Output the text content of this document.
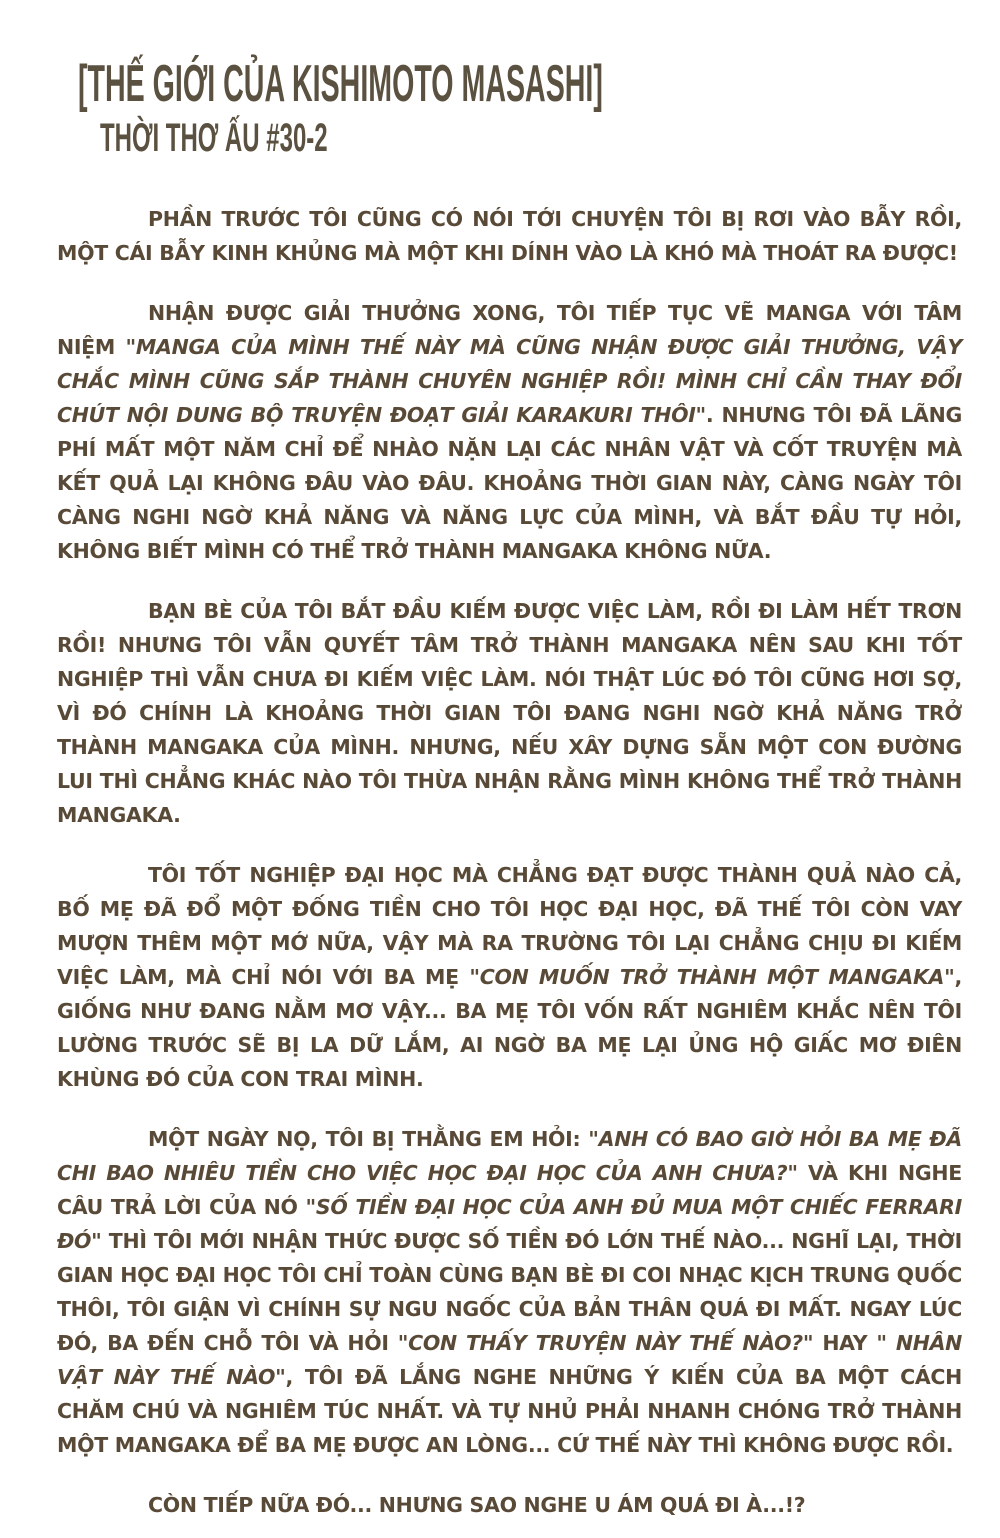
[THẾ GIỚI CỦA KISHIMOTO MASASHI]
THỜI THƠ ẤU #30-2

PHẦN TRƯỚC TÔI CŨNG CÓ NÓI TỚI CHUYỆN TÔI BỊ RƠI VÀO BẪY RỒI, MỘT CÁI BẪY KINH KHỦNG MÀ MỘT KHI DÍNH VÀO LÀ KHÓ MÀ THOÁT RA ĐƯỢC!

NHẬN ĐƯỢC GIẢI THƯỞNG XONG, TÔI TIẾP TỤC VẼ MANGA VỚI TÂM NIỆM "MANGA CỦA MÌNH THẾ NÀY MÀ CŨNG NHẬN ĐƯỢC GIẢI THƯỞNG, VẬY CHẮC MÌNH CŨNG SẮP THÀNH CHUYÊN NGHIỆP RỒI! MÌNH CHỈ CẦN THAY ĐỔI CHÚT NỘI DUNG BỘ TRUYỆN ĐOẠT GIẢI KARAKURI THÔI". NHƯNG TÔI ĐÃ LÃNG PHÍ MẤT MỘT NĂM CHỈ ĐỂ NHÀO NẶN LẠI CÁC NHÂN VẬT VÀ CỐT TRUYỆN MÀ KẾT QUẢ LẠI KHÔNG ĐÂU VÀO ĐÂU. KHOẢNG THỜI GIAN NÀY, CÀNG NGÀY TÔI CÀNG NGHI NGỜ KHẢ NĂNG VÀ NĂNG LỰC CỦA MÌNH, VÀ BẮT ĐẦU TỰ HỎI, KHÔNG BIẾT MÌNH CÓ THỂ TRỞ THÀNH MANGAKA KHÔNG NỮA.

BẠN BÈ CỦA TÔI BẮT ĐẦU KIẾM ĐƯỢC VIỆC LÀM, RỒI ĐI LÀM HẾT TRƠN RỒI! NHƯNG TÔI VẪN QUYẾT TÂM TRỞ THÀNH MANGAKA NÊN SAU KHI TỐT NGHIỆP THÌ VẪN CHƯA ĐI KIẾM VIỆC LÀM. NÓI THẬT LÚC ĐÓ TÔI CŨNG HƠI SỢ, VÌ ĐÓ CHÍNH LÀ KHOẢNG THỜI GIAN TÔI ĐANG NGHI NGỜ KHẢ NĂNG TRỞ THÀNH MANGAKA CỦA MÌNH. NHƯNG, NẾU XÂY DỰNG SẴN MỘT CON ĐƯỜNG LUI THÌ CHẲNG KHÁC NÀO TÔI THỪA NHẬN RẰNG MÌNH KHÔNG THỂ TRỞ THÀNH MANGAKA.

TÔI TỐT NGHIỆP ĐẠI HỌC MÀ CHẲNG ĐẠT ĐƯỢC THÀNH QUẢ NÀO CẢ, BỐ MẸ ĐÃ ĐỔ MỘT ĐỐNG TIỀN CHO TÔI HỌC ĐẠI HỌC, ĐÃ THẾ TÔI CÒN VAY MƯỢN THÊM MỘT MỚ NỮA, VẬY MÀ RA TRƯỜNG TÔI LẠI CHẲNG CHỊU ĐI KIẾM VIỆC LÀM, MÀ CHỈ NÓI VỚI BA MẸ "CON MUỐN TRỞ THÀNH MỘT MANGAKA", GIỐNG NHƯ ĐANG NẰM MƠ VẬY... BA MẸ TÔI VỐN RẤT NGHIÊM KHẮC NÊN TÔI LƯỜNG TRƯỚC SẼ BỊ LA DỮ LẮM, AI NGỜ BA MẸ LẠI ỦNG HỘ GIẤC MƠ ĐIÊN KHÙNG ĐÓ CỦA CON TRAI MÌNH.

MỘT NGÀY NỌ, TÔI BỊ THẰNG EM HỎI: "ANH CÓ BAO GIỜ HỎI BA MẸ ĐÃ CHI BAO NHIÊU TIỀN CHO VIỆC HỌC ĐẠI HỌC CỦA ANH CHƯA?" VÀ KHI NGHE CÂU TRẢ LỜI CỦA NÓ "SỐ TIỀN ĐẠI HỌC CỦA ANH ĐỦ MUA MỘT CHIẾC FERRARI ĐÓ" THÌ TÔI MỚI NHẬN THỨC ĐƯỢC SỐ TIỀN ĐÓ LỚN THẾ NÀO... NGHĨ LẠI, THỜI GIAN HỌC ĐẠI HỌC TÔI CHỈ TOÀN CÙNG BẠN BÈ ĐI COI NHẠC KỊCH TRUNG QUỐC THÔI, TÔI GIẬN VÌ CHÍNH SỰ NGU NGỐC CỦA BẢN THÂN QUÁ ĐI MẤT. NGAY LÚC ĐÓ, BA ĐẾN CHỖ TÔI VÀ HỎI "CON THẤY TRUYỆN NÀY THẾ NÀO?" HAY " NHÂN VẬT NÀY THẾ NÀO", TÔI ĐÃ LẮNG NGHE NHỮNG Ý KIẾN CỦA BA MỘT CÁCH CHĂM CHÚ VÀ NGHIÊM TÚC NHẤT. VÀ TỰ NHỦ PHẢI NHANH CHÓNG TRỞ THÀNH MỘT MANGAKA ĐỂ BA MẸ ĐƯỢC AN LÒNG... CỨ THẾ NÀY THÌ KHÔNG ĐƯỢC RỒI.

CÒN TIẾP NỮA ĐÓ... NHƯNG SAO NGHE U ÁM QUÁ ĐI À...!?
